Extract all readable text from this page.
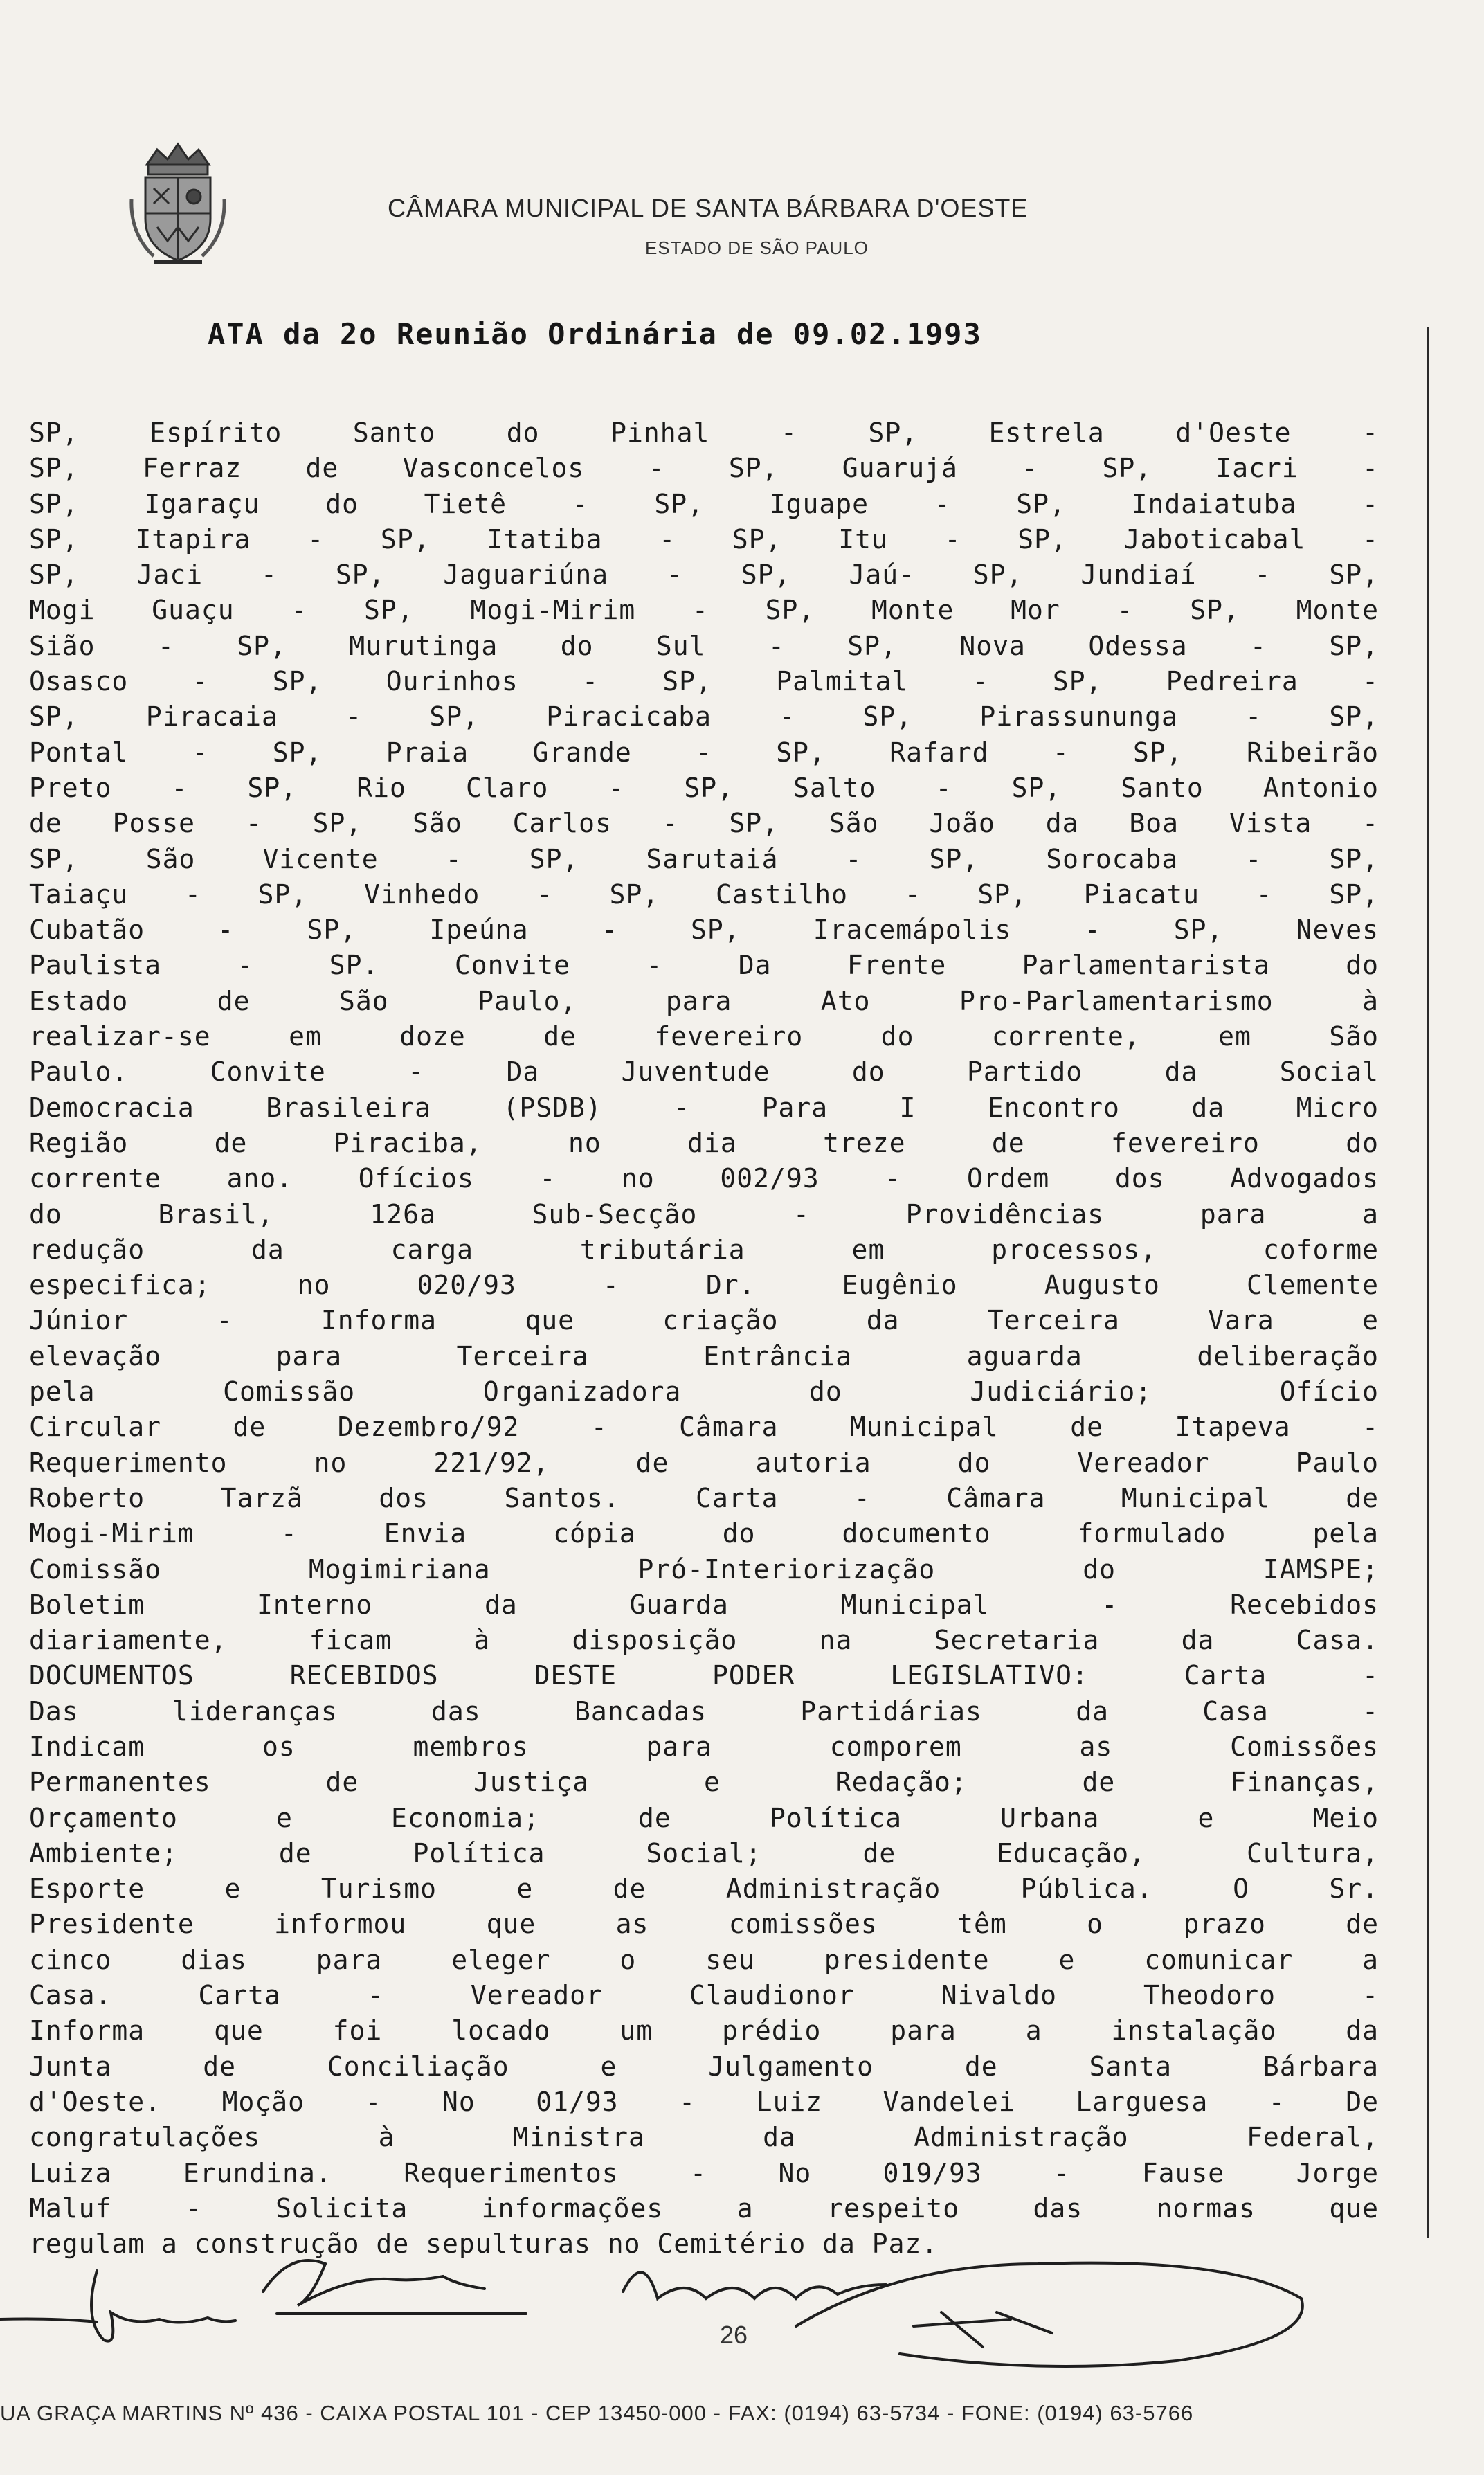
CÂMARA MUNICIPAL DE SANTA BÁRBARA D'OESTE
ESTADO DE SÃO PAULO
ATA da 2o Reunião Ordinária de 09.02.1993
SP, Espírito Santo do Pinhal - SP, Estrela d'Oeste -
SP, Ferraz de Vasconcelos - SP, Guarujá - SP, Iacri -
SP, Igaraçu do Tietê - SP, Iguape - SP, Indaiatuba -
SP, Itapira - SP, Itatiba - SP, Itu - SP, Jaboticabal -
SP, Jaci - SP, Jaguariúna - SP, Jaú- SP, Jundiaí - SP,
Mogi Guaçu - SP, Mogi-Mirim - SP, Monte Mor - SP, Monte
Sião - SP, Murutinga do Sul - SP, Nova Odessa - SP,
Osasco - SP, Ourinhos - SP, Palmital - SP, Pedreira -
SP, Piracaia - SP, Piracicaba - SP, Pirassununga - SP,
Pontal - SP, Praia Grande - SP, Rafard - SP, Ribeirão
Preto - SP, Rio Claro - SP, Salto - SP, Santo Antonio
de Posse - SP, São Carlos - SP, São João da Boa Vista -
SP, São Vicente - SP, Sarutaiá - SP, Sorocaba - SP,
Taiaçu - SP, Vinhedo - SP, Castilho - SP, Piacatu - SP,
Cubatão - SP, Ipeúna - SP, Iracemápolis - SP, Neves
Paulista - SP. Convite - Da Frente Parlamentarista do
Estado de São Paulo, para Ato Pro-Parlamentarismo à
realizar-se em doze de fevereiro do corrente, em São
Paulo. Convite - Da Juventude do Partido da Social
Democracia Brasileira (PSDB) - Para I Encontro da Micro
Região de Piraciba, no dia treze de fevereiro do
corrente ano. Ofícios - no 002/93 - Ordem dos Advogados
do Brasil, 126a Sub-Secção - Providências para a
redução da carga tributária em processos, coforme
especifica; no 020/93 - Dr. Eugênio Augusto Clemente
Júnior - Informa que criação da Terceira Vara e
elevação para Terceira Entrância aguarda deliberação
pela Comissão Organizadora do Judiciário; Ofício
Circular de Dezembro/92 - Câmara Municipal de Itapeva -
Requerimento no 221/92, de autoria do Vereador Paulo
Roberto Tarzã dos Santos. Carta - Câmara Municipal de
Mogi-Mirim - Envia cópia do documento formulado pela
Comissão Mogimiriana Pró-Interiorização do IAMSPE;
Boletim Interno da Guarda Municipal - Recebidos
diariamente, ficam à disposição na Secretaria da Casa.
DOCUMENTOS RECEBIDOS DESTE PODER LEGISLATIVO: Carta -
Das lideranças das Bancadas Partidárias da Casa -
Indicam os membros para comporem as Comissões
Permanentes de Justiça e Redação; de Finanças,
Orçamento e Economia; de Política Urbana e Meio
Ambiente; de Política Social; de Educação, Cultura,
Esporte e Turismo e de Administração Pública. O Sr.
Presidente informou que as comissões têm o prazo de
cinco dias para eleger o seu presidente e comunicar a
Casa. Carta - Vereador Claudionor Nivaldo Theodoro -
Informa que foi locado um prédio para a instalação da
Junta de Conciliação e Julgamento de Santa Bárbara
d'Oeste. Moção - No 01/93 - Luiz Vandelei Larguesa - De
congratulações à Ministra da Administração Federal,
Luiza Erundina. Requerimentos - No 019/93 - Fause Jorge
Maluf - Solicita informações a respeito das normas que
regulam a construção de sepulturas no Cemitério da Paz.
26
UA GRAÇA MARTINS Nº 436 - CAIXA POSTAL 101 - CEP 13450-000 - FAX: (0194) 63-5734 - FONE: (0194) 63-5766
